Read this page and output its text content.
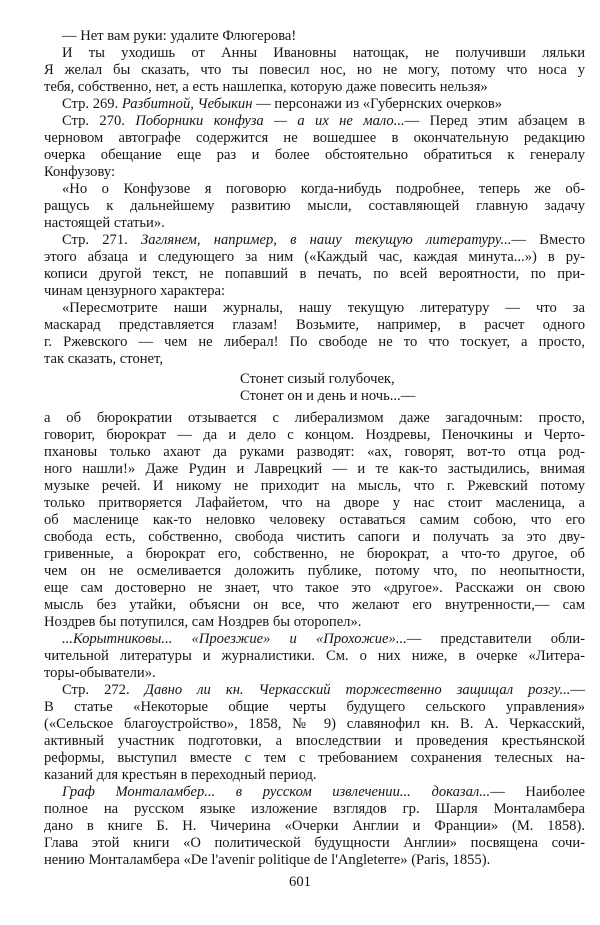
— Нет вам руки: удалите Флюгерова!
И ты уходишь от Анны Ивановны натощак, не получивши ляльки
Я желал бы сказать, что ты повесил нос, но не могу, потому что носа у
тебя, собственно, нет, а есть нашлепка, которую даже повесить нельзя»
Стр. 269. Разбитной, Чебыкин — персонажи из «Губернских очерков»
Стр. 270. Поборники конфуза — а их не мало...— Перед этим абзацем в
черновом автографе содержится не вошедшее в окончательную редакцию
очерка обещание еще раз и более обстоятельно обратиться к генералу
Конфузову:
«Но о Конфузове я поговорю когда-нибудь подробнее, теперь же об-
ращусь к дальнейшему развитию мысли, составляющей главную задачу
настоящей статьи».
Стр. 271. Заглянем, например, в нашу текущую литературу...— Вместо
этого абзаца и следующего за ним («Каждый час, каждая минута...») в ру-
кописи другой текст, не попавший в печать, по всей вероятности, по при-
чинам цензурного характера:
«Пересмотрите наши журналы, нашу текущую литературу — что за
маскарад представляется глазам! Возьмите, например, в расчет одного
г. Ржевского — чем не либерал! По свободе не то что тоскует, а просто,
так сказать, стонет,
Стонет сизый голубочек,
Стонет он и день и ночь...—
а об бюрократии отзывается с либерализмом даже загадочным: просто,
говорит, бюрократ — да и дело с концом. Ноздревы, Пеночкины и Черто-
пхановы только ахают да руками разводят: «ах, говорят, вот-то отца род-
ного нашли!» Даже Рудин и Лаврецкий — и те как-то застыдились, внимая
музыке речей. И никому не приходит на мысль, что г. Ржевский потому
только притворяется Лафайетом, что на дворе у нас стоит масленица, а
об масленице как-то неловко человеку оставаться самим собою, что его
свобода есть, собственно, свобода чистить сапоги и получать за это дву-
гривенные, а бюрократ его, собственно, не бюрократ, а что-то другое, об
чем он не осмеливается доложить публике, потому что, по неопытности,
еще сам достоверно не знает, что такое это «другое». Расскажи он свою
мысль без утайки, объясни он все, что желают его внутренности,— сам
Ноздрев бы потупился, сам Ноздрев бы оторопел».
...Корытниковы... «Проезжие» и «Прохожие»...— представители обли-
чительной литературы и журналистики. См. о них ниже, в очерке «Литера-
торы-обыватели».
Стр. 272. Давно ли кн. Черкасский торжественно защищал розгу...—
В статье «Некоторые общие черты будущего сельского управления»
(«Сельское благоустройство», 1858, № 9) славянофил кн. В. А. Черкасский,
активный участник подготовки, а впоследствии и проведения крестьянской
реформы, выступил вместе с тем с требованием сохранения телесных на-
казаний для крестьян в переходный период.
Граф Монталамбер... в русском извлечении... доказал...— Наиболее
полное на русском языке изложение взглядов гр. Шарля Монталамбера
дано в книге Б. Н. Чичерина «Очерки Англии и Франции» (М. 1858).
Глава этой книги «О политической будущности Англии» посвящена сочи-
нению Монталамбера «De l'avenir politique de l'Angleterre» (Paris, 1855).
601
